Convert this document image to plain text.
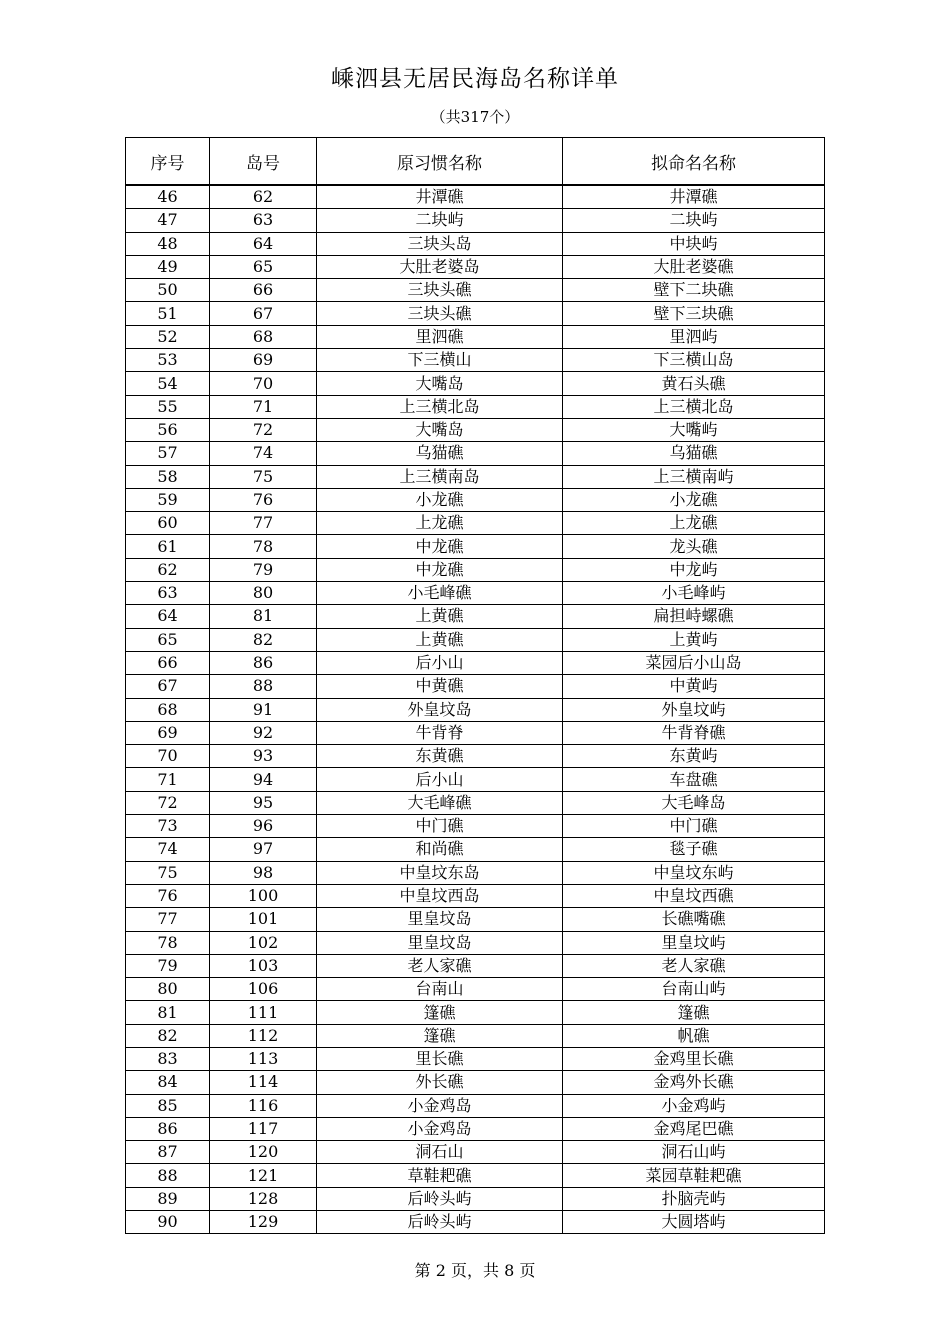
嵊泗县无居民海岛名称详单
（共317个）
序号	岛号	原习惯名称	拟命名名称
46	62	井潭礁	井潭礁
47	63	二块屿	二块屿
48	64	三块头岛	中块屿
49	65	大肚老婆岛	大肚老婆礁
50	66	三块头礁	壁下二块礁
51	67	三块头礁	壁下三块礁
52	68	里泗礁	里泗屿
53	69	下三横山	下三横山岛
54	70	大嘴岛	黄石头礁
55	71	上三横北岛	上三横北岛
56	72	大嘴岛	大嘴屿
57	74	乌猫礁	乌猫礁
58	75	上三横南岛	上三横南屿
59	76	小龙礁	小龙礁
60	77	上龙礁	上龙礁
61	78	中龙礁	龙头礁
62	79	中龙礁	中龙屿
63	80	小毛峰礁	小毛峰屿
64	81	上黄礁	扁担峙螺礁
65	82	上黄礁	上黄屿
66	86	后小山	菜园后小山岛
67	88	中黄礁	中黄屿
68	91	外皇坟岛	外皇坟屿
69	92	牛背脊	牛背脊礁
70	93	东黄礁	东黄屿
71	94	后小山	车盘礁
72	95	大毛峰礁	大毛峰岛
73	96	中门礁	中门礁
74	97	和尚礁	毯子礁
75	98	中皇坟东岛	中皇坟东屿
76	100	中皇坟西岛	中皇坟西礁
77	101	里皇坟岛	长礁嘴礁
78	102	里皇坟岛	里皇坟屿
79	103	老人家礁	老人家礁
80	106	台南山	台南山屿
81	111	篷礁	篷礁
82	112	篷礁	帆礁
83	113	里长礁	金鸡里长礁
84	114	外长礁	金鸡外长礁
85	116	小金鸡岛	小金鸡屿
86	117	小金鸡岛	金鸡尾巴礁
87	120	洞石山	洞石山屿
88	121	草鞋耙礁	菜园草鞋耙礁
89	128	后岭头屿	扑脑壳屿
90	129	后岭头屿	大圆塔屿
第 2 页，共 8 页
